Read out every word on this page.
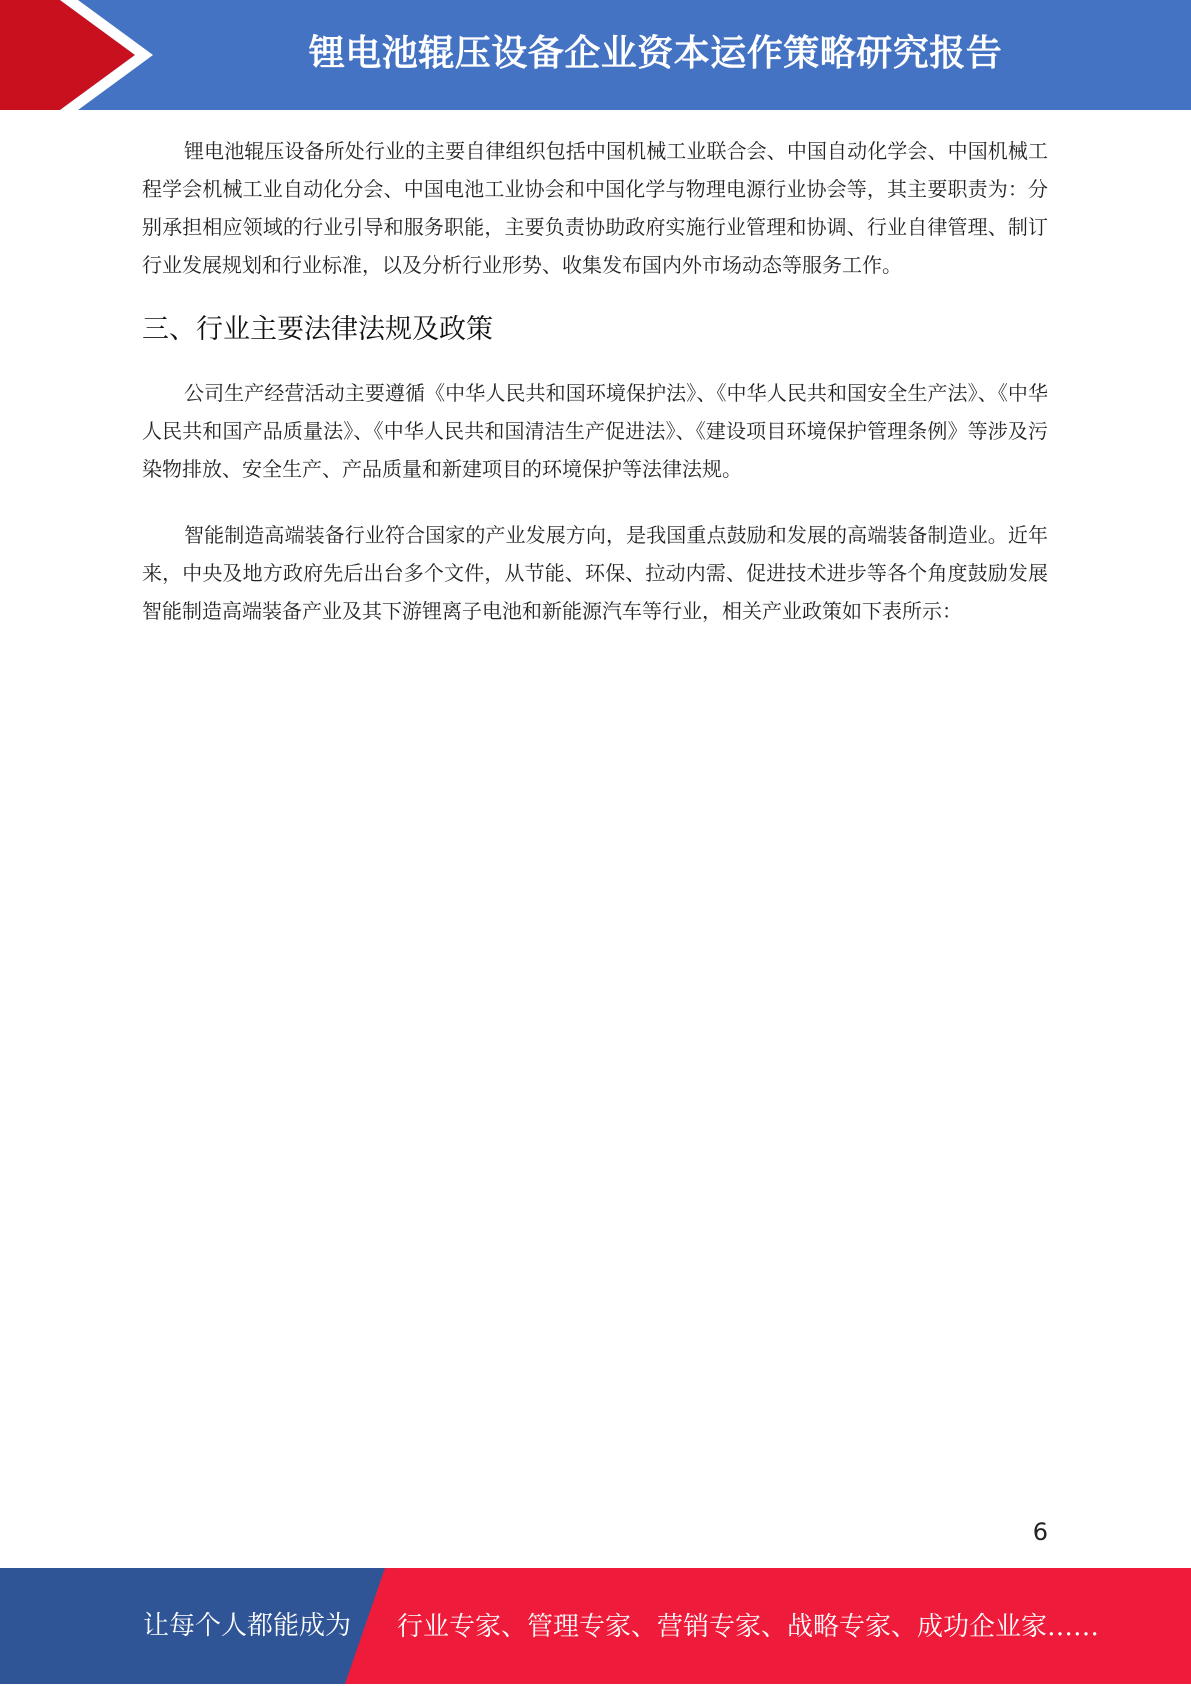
锂电池辊压设备企业资本运作策略研究报告

锂电池辊压设备所处行业的主要自律组织包括中国机械工业联合会、中国自动化学会、中国机械工程学会机械工业自动化分会、中国电池工业协会和中国化学与物理电源行业协会等，其主要职责为：分别承担相应领域的行业引导和服务职能，主要负责协助政府实施行业管理和协调、行业自律管理、制订行业发展规划和行业标准，以及分析行业形势、收集发布国内外市场动态等服务工作。

三、行业主要法律法规及政策

公司生产经营活动主要遵循《中华人民共和国环境保护法》、《中华人民共和国安全生产法》、《中华人民共和国产品质量法》、《中华人民共和国清洁生产促进法》、《建设项目环境保护管理条例》等涉及污染物排放、安全生产、产品质量和新建项目的环境保护等法律法规。

智能制造高端装备行业符合国家的产业发展方向，是我国重点鼓励和发展的高端装备制造业。近年来，中央及地方政府先后出台多个文件，从节能、环保、拉动内需、促进技术进步等各个角度鼓励发展智能制造高端装备产业及其下游锂离子电池和新能源汽车等行业，相关产业政策如下表所示：

6
让每个人都能成为 行业专家、管理专家、营销专家、战略专家、成功企业家……
